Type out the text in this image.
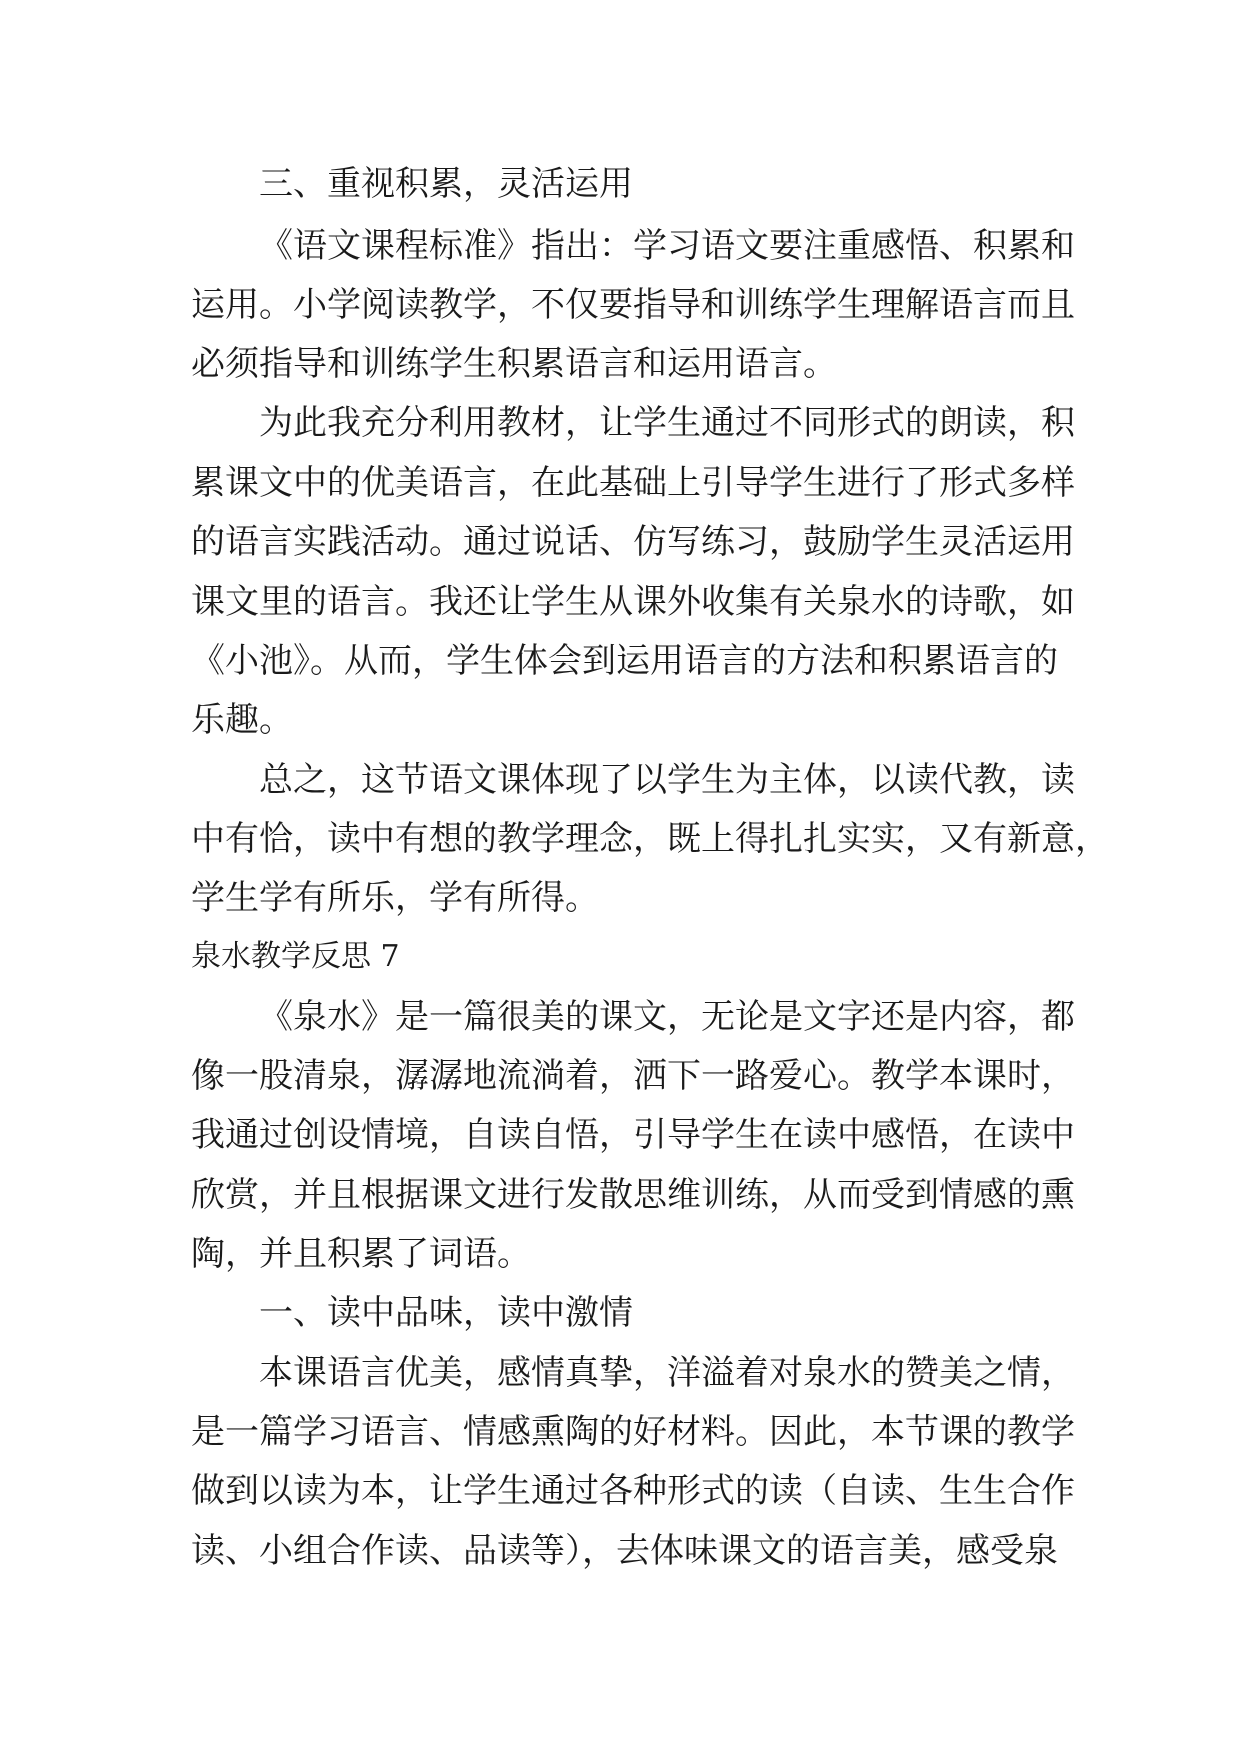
三、重视积累，灵活运用
《语文课程标准》指出：学习语文要注重感悟、积累和
运用。小学阅读教学，不仅要指导和训练学生理解语言而且
必须指导和训练学生积累语言和运用语言。
为此我充分利用教材，让学生通过不同形式的朗读，积
累课文中的优美语言，在此基础上引导学生进行了形式多样
的语言实践活动。通过说话、仿写练习，鼓励学生灵活运用
课文里的语言。我还让学生从课外收集有关泉水的诗歌，如
《小池》。从而，学生体会到运用语言的方法和积累语言的
乐趣。
总之，这节语文课体现了以学生为主体，以读代教，读
中有恰，读中有想的教学理念，既上得扎扎实实，又有新意，
学生学有所乐，学有所得。
泉水教学反思 7
《泉水》是一篇很美的课文，无论是文字还是内容，都
像一股清泉，潺潺地流淌着，洒下一路爱心。教学本课时，
我通过创设情境，自读自悟，引导学生在读中感悟，在读中
欣赏，并且根据课文进行发散思维训练，从而受到情感的熏
陶，并且积累了词语。
一、读中品味，读中激情
本课语言优美，感情真挚，洋溢着对泉水的赞美之情，
是一篇学习语言、情感熏陶的好材料。因此，本节课的教学
做到以读为本，让学生通过各种形式的读（自读、生生合作
读、小组合作读、品读等），去体味课文的语言美，感受泉
